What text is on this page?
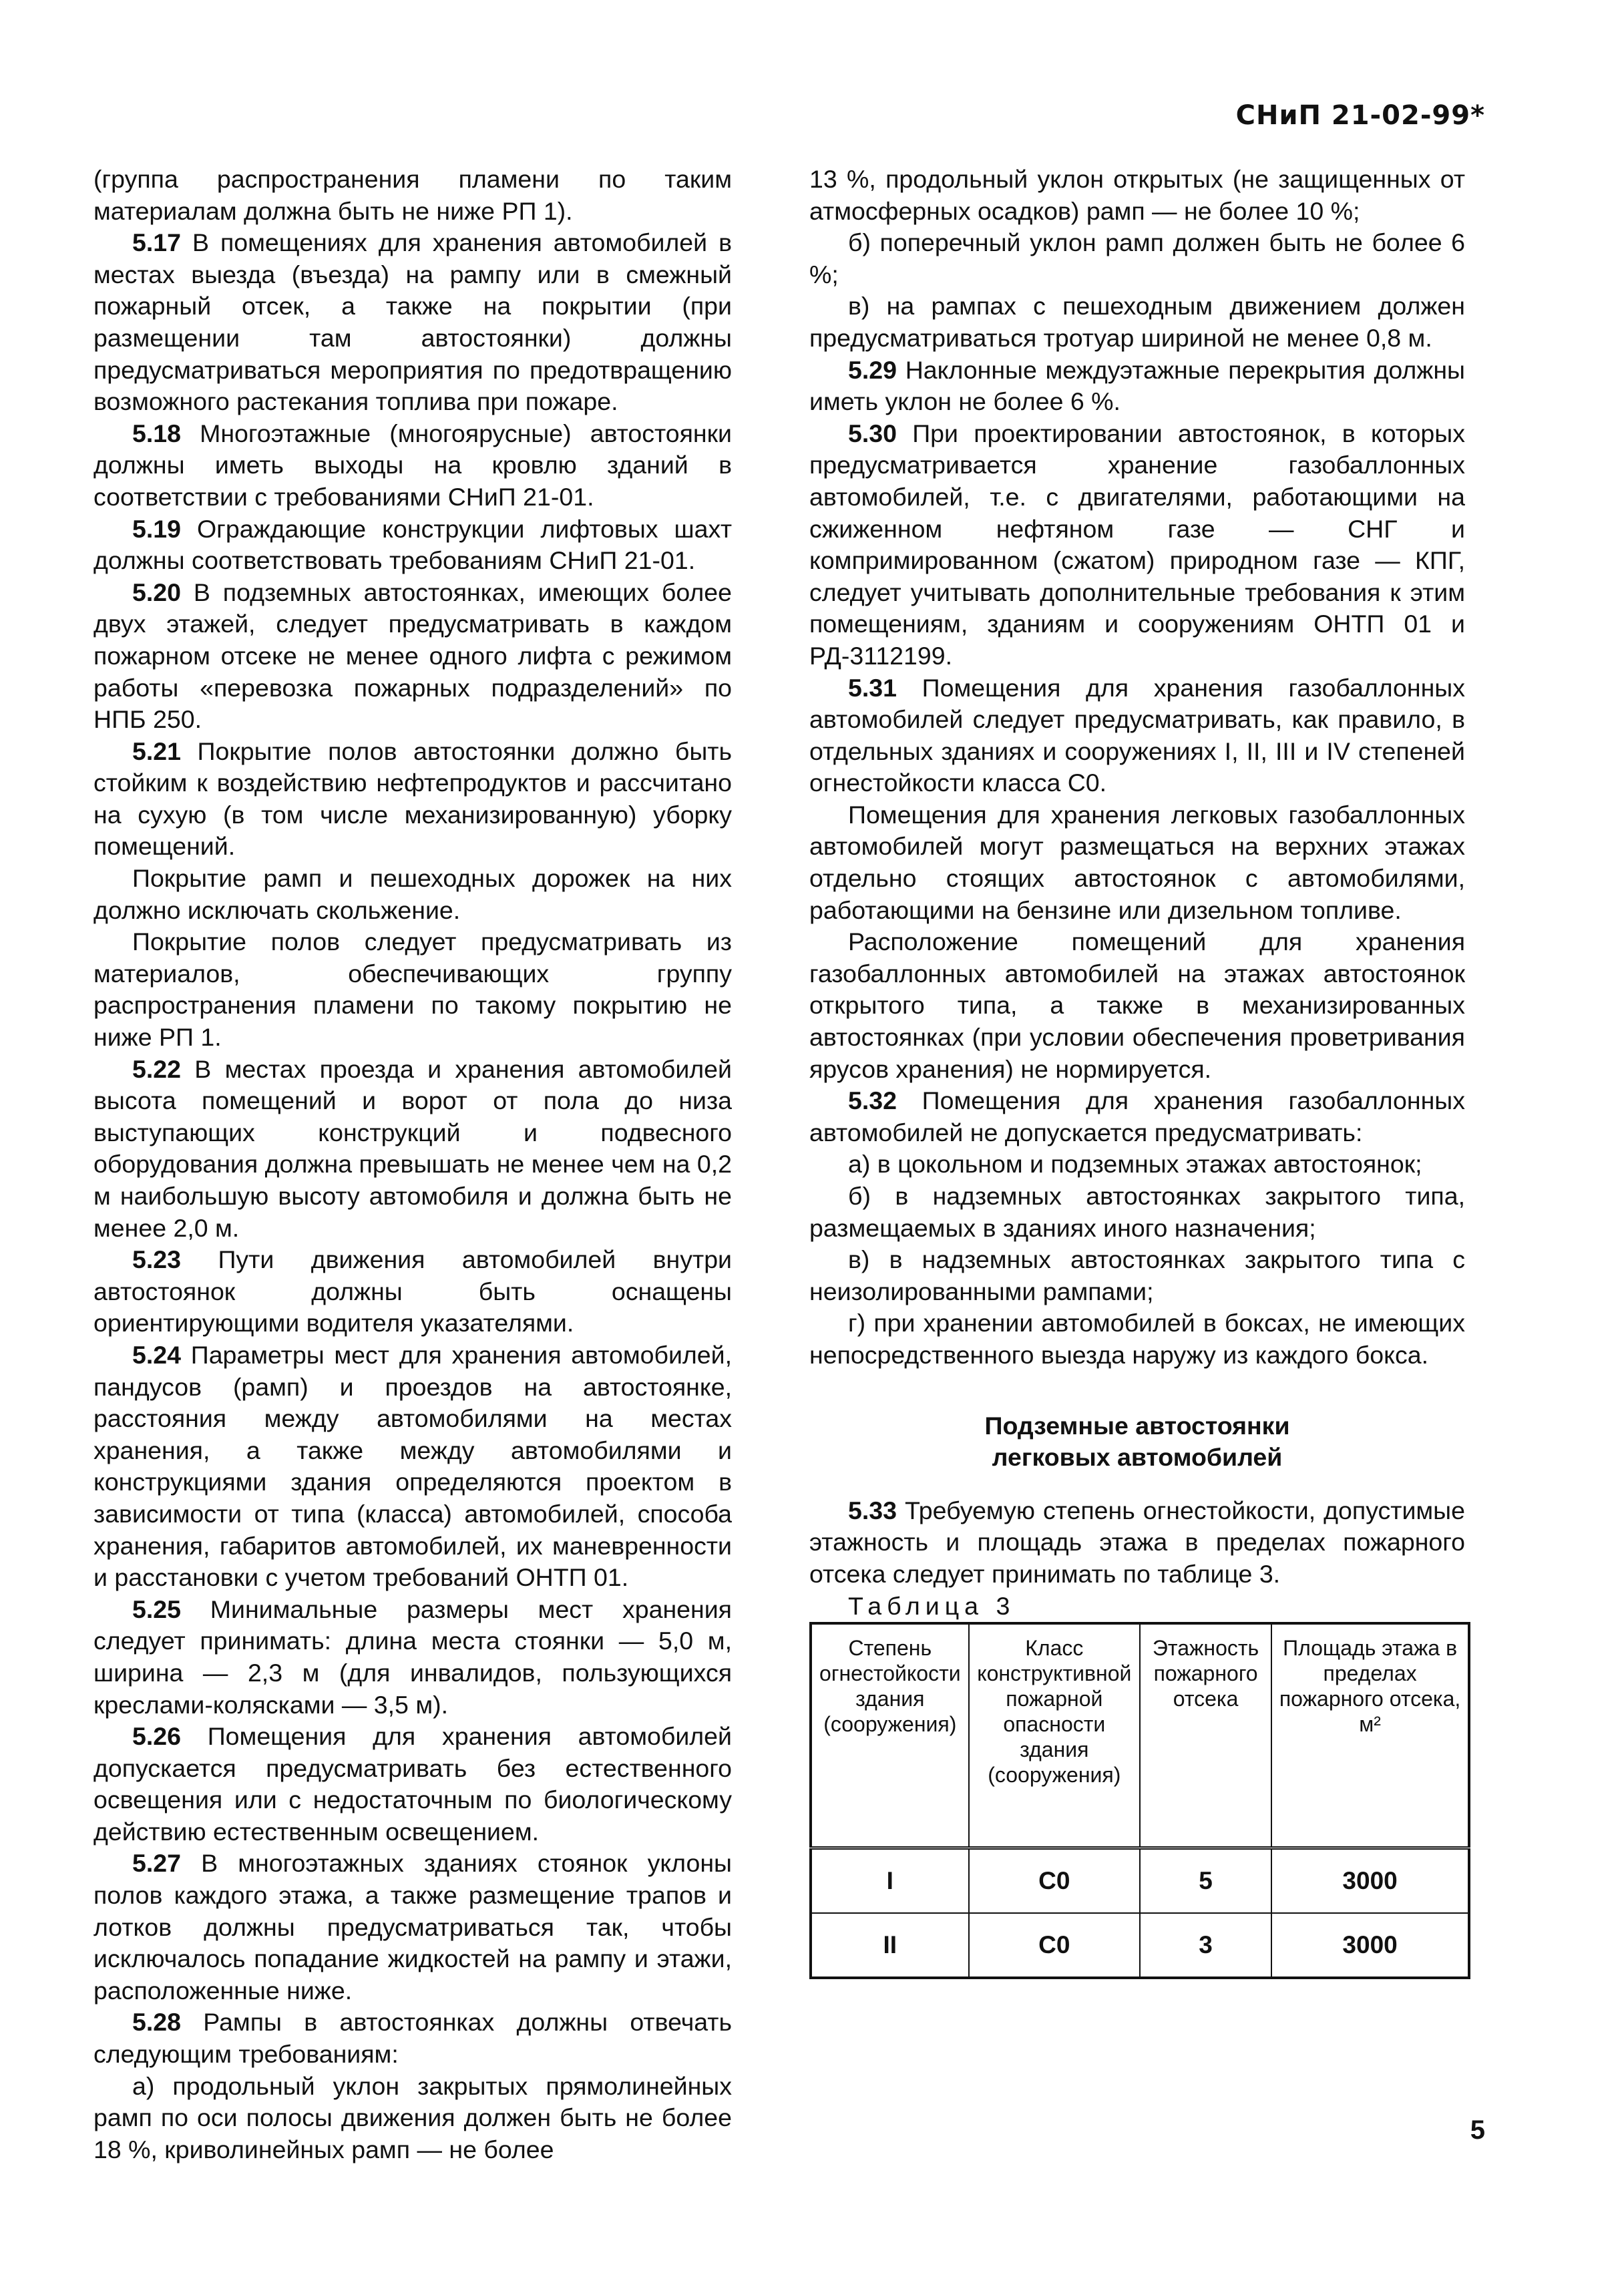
СНиП 21-02-99*

(группа распространения пламени по таким материалам должна быть не ниже РП 1).

5.17 В помещениях для хранения автомобилей в местах выезда (въезда) на рампу или в смежный пожарный отсек, а также на покрытии (при размещении там автостоянки) должны предусматриваться мероприятия по предотвращению возможного растекания топлива при пожаре.

5.18 Многоэтажные (многоярусные) автостоянки должны иметь выходы на кровлю зданий в соответствии с требованиями СНиП 21-01.

5.19 Ограждающие конструкции лифтовых шахт должны соответствовать требованиям СНиП 21-01.

5.20 В подземных автостоянках, имеющих более двух этажей, следует предусматривать в каждом пожарном отсеке не менее одного лифта с режимом работы «перевозка пожарных подразделений» по НПБ 250.

5.21 Покрытие полов автостоянки должно быть стойким к воздействию нефтепродуктов и рассчитано на сухую (в том числе механизированную) уборку помещений.

Покрытие рамп и пешеходных дорожек на них должно исключать скольжение.

Покрытие полов следует предусматривать из материалов, обеспечивающих группу распространения пламени по такому покрытию не ниже РП 1.

5.22 В местах проезда и хранения автомобилей высота помещений и ворот от пола до низа выступающих конструкций и подвесного оборудования должна превышать не менее чем на 0,2 м наибольшую высоту автомобиля и должна быть не менее 2,0 м.

5.23 Пути движения автомобилей внутри автостоянок должны быть оснащены ориентирующими водителя указателями.

5.24 Параметры мест для хранения автомобилей, пандусов (рамп) и проездов на автостоянке, расстояния между автомобилями на местах хранения, а также между автомобилями и конструкциями здания определяются проектом в зависимости от типа (класса) автомобилей, способа хранения, габаритов автомобилей, их маневренности и расстановки с учетом требований ОНТП 01.

5.25 Минимальные размеры мест хранения следует принимать: длина места стоянки — 5,0 м, ширина — 2,3 м (для инвалидов, пользующихся креслами-колясками — 3,5 м).

5.26 Помещения для хранения автомобилей допускается предусматривать без естественного освещения или с недостаточным по биологическому действию естественным освещением.

5.27 В многоэтажных зданиях стоянок уклоны полов каждого этажа, а также размещение трапов и лотков должны предусматриваться так, чтобы исключалось попадание жидкостей на рампу и этажи, расположенные ниже.

5.28 Рампы в автостоянках должны отвечать следующим требованиям:

а) продольный уклон закрытых прямолинейных рамп по оси полосы движения должен быть не более 18 %, криволинейных рамп — не более

13 %, продольный уклон открытых (не защищенных от атмосферных осадков) рамп — не более 10 %;

б) поперечный уклон рамп должен быть не более 6 %;

в) на рампах с пешеходным движением должен предусматриваться тротуар шириной не менее 0,8 м.

5.29 Наклонные междуэтажные перекрытия должны иметь уклон не более 6 %.

5.30 При проектировании автостоянок, в которых предусматривается хранение газобаллонных автомобилей, т.е. с двигателями, работающими на сжиженном нефтяном газе — СНГ и компримированном (сжатом) природном газе — КПГ, следует учитывать дополнительные требования к этим помещениям, зданиям и сооружениям ОНТП 01 и РД-3112199.

5.31 Помещения для хранения газобаллонных автомобилей следует предусматривать, как правило, в отдельных зданиях и сооружениях I, II, III и IV степеней огнестойкости класса С0.

Помещения для хранения легковых газобаллонных автомобилей могут размещаться на верхних этажах отдельно стоящих автостоянок с автомобилями, работающими на бензине или дизельном топливе.

Расположение помещений для хранения газобаллонных автомобилей на этажах автостоянок открытого типа, а также в механизированных автостоянках (при условии обеспечения проветривания ярусов хранения) не нормируется.

5.32 Помещения для хранения газобаллонных автомобилей не допускается предусматривать:

а) в цокольном и подземных этажах автостоянок;

б) в надземных автостоянках закрытого типа, размещаемых в зданиях иного назначения;

в) в надземных автостоянках закрытого типа с неизолированными рампами;

г) при хранении автомобилей в боксах, не имеющих непосредственного выезда наружу из каждого бокса.

Подземные автостоянки
легковых автомобилей

5.33 Требуемую степень огнестойкости, допустимые этажность и площадь этажа в пределах пожарного отсека следует принимать по таблице 3.

Таблица 3

Степень огнестойкости здания (сооружения)	Класс конструктивной пожарной опасности здания (сооружения)	Этажность пожарного отсека	Площадь этажа в пределах пожарного отсека, м²
I	С0	5	3000
II	С0	3	3000
5
